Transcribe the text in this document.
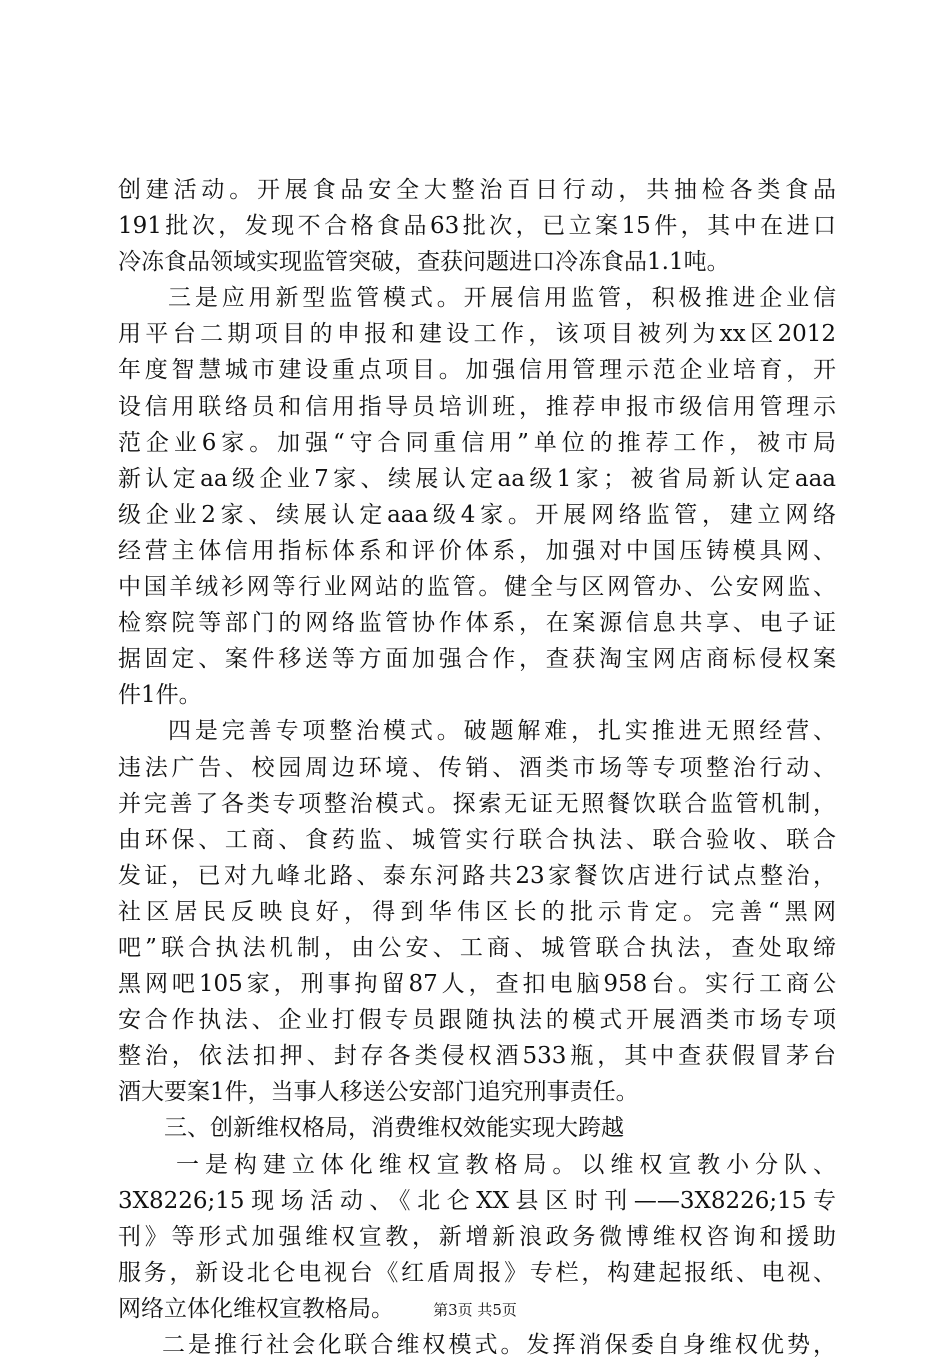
创建活动。开展食品安全大整治百日行动，共抽检各类食品
191批次，发现不合格食品63批次，已立案15件，其中在进口
冷冻食品领域实现监管突破，查获问题进口冷冻食品1.1吨。
三是应用新型监管模式。开展信用监管，积极推进企业信
用平台二期项目的申报和建设工作，该项目被列为xx区2012
年度智慧城市建设重点项目。加强信用管理示范企业培育，开
设信用联络员和信用指导员培训班，推荐申报市级信用管理示
范企业6家。加强“守合同重信用”单位的推荐工作，被市局
新认定aa级企业7家、续展认定aa级1家；被省局新认定aaa
级企业2家、续展认定aaa级4家。开展网络监管，建立网络
经营主体信用指标体系和评价体系，加强对中国压铸模具网、
中国羊绒衫网等行业网站的监管。健全与区网管办、公安网监、
检察院等部门的网络监管协作体系，在案源信息共享、电子证
据固定、案件移送等方面加强合作，查获淘宝网店商标侵权案
件1件。
四是完善专项整治模式。破题解难，扎实推进无照经营、
违法广告、校园周边环境、传销、酒类市场等专项整治行动、
并完善了各类专项整治模式。探索无证无照餐饮联合监管机制，
由环保、工商、食药监、城管实行联合执法、联合验收、联合
发证，已对九峰北路、泰东河路共23家餐饮店进行试点整治，
社区居民反映良好，得到华伟区长的批示肯定。完善“黑网
吧”联合执法机制，由公安、工商、城管联合执法，查处取缔
黑网吧105家，刑事拘留87人，查扣电脑958台。实行工商公
安合作执法、企业打假专员跟随执法的模式开展酒类市场专项
整治，依法扣押、封存各类侵权酒533瓶，其中查获假冒茅台
酒大要案1件，当事人移送公安部门追究刑事责任。
三、创新维权格局，消费维权效能实现大跨越
一是构建立体化维权宣教格局。以维权宣教小分队、
3X8226;15现场活动、《北仑XX县区时刊——3X8226;15专
刊》等形式加强维权宣教，新增新浪政务微博维权咨询和援助
服务，新设北仑电视台《红盾周报》专栏，构建起报纸、电视、
网络立体化维权宣教格局。
二是推行社会化联合维权模式。发挥消保委自身维权优势，
第3页 共5页
